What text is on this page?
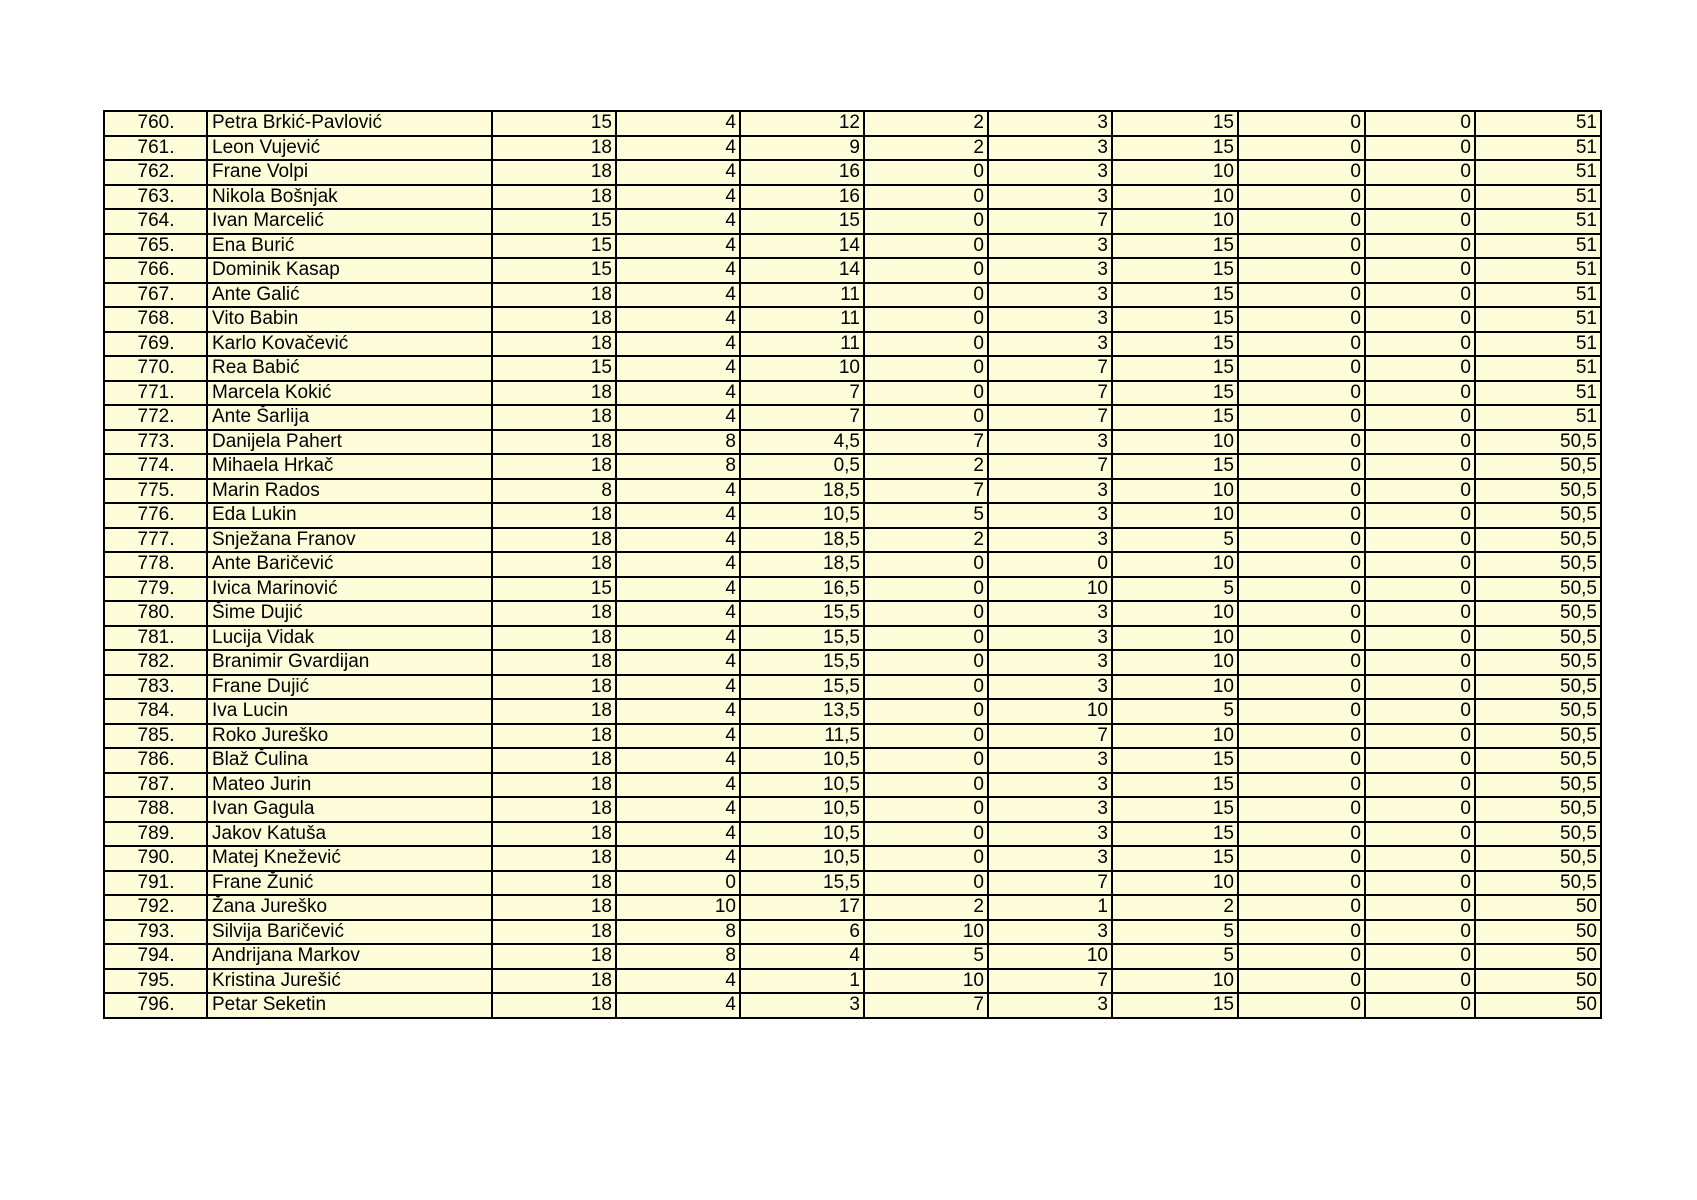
760.	Petra Brkić-Pavlović	15	4	12	2	3	15	0	0	51
761.	Leon Vujević	18	4	9	2	3	15	0	0	51
762.	Frane Volpi	18	4	16	0	3	10	0	0	51
763.	Nikola Bošnjak	18	4	16	0	3	10	0	0	51
764.	Ivan Marcelić	15	4	15	0	7	10	0	0	51
765.	Ena Burić	15	4	14	0	3	15	0	0	51
766.	Dominik Kasap	15	4	14	0	3	15	0	0	51
767.	Ante Galić	18	4	11	0	3	15	0	0	51
768.	Vito Babin	18	4	11	0	3	15	0	0	51
769.	Karlo Kovačević	18	4	11	0	3	15	0	0	51
770.	Rea Babić	15	4	10	0	7	15	0	0	51
771.	Marcela Kokić	18	4	7	0	7	15	0	0	51
772.	Ante Šarlija	18	4	7	0	7	15	0	0	51
773.	Danijela Pahert	18	8	4,5	7	3	10	0	0	50,5
774.	Mihaela Hrkač	18	8	0,5	2	7	15	0	0	50,5
775.	Marin Rados	8	4	18,5	7	3	10	0	0	50,5
776.	Eda Lukin	18	4	10,5	5	3	10	0	0	50,5
777.	Snježana Franov	18	4	18,5	2	3	5	0	0	50,5
778.	Ante Baričević	18	4	18,5	0	0	10	0	0	50,5
779.	Ivica Marinović	15	4	16,5	0	10	5	0	0	50,5
780.	Šime Dujić	18	4	15,5	0	3	10	0	0	50,5
781.	Lucija Vidak	18	4	15,5	0	3	10	0	0	50,5
782.	Branimir Gvardijan	18	4	15,5	0	3	10	0	0	50,5
783.	Frane Dujić	18	4	15,5	0	3	10	0	0	50,5
784.	Iva Lucin	18	4	13,5	0	10	5	0	0	50,5
785.	Roko Jureško	18	4	11,5	0	7	10	0	0	50,5
786.	Blaž Čulina	18	4	10,5	0	3	15	0	0	50,5
787.	Mateo Jurin	18	4	10,5	0	3	15	0	0	50,5
788.	Ivan Gagula	18	4	10,5	0	3	15	0	0	50,5
789.	Jakov Katuša	18	4	10,5	0	3	15	0	0	50,5
790.	Matej Knežević	18	4	10,5	0	3	15	0	0	50,5
791.	Frane Žunić	18	0	15,5	0	7	10	0	0	50,5
792.	Žana Jureško	18	10	17	2	1	2	0	0	50
793.	Silvija Baričević	18	8	6	10	3	5	0	0	50
794.	Andrijana Markov	18	8	4	5	10	5	0	0	50
795.	Kristina Jurešić	18	4	1	10	7	10	0	0	50
796.	Petar Seketin	18	4	3	7	3	15	0	0	50
